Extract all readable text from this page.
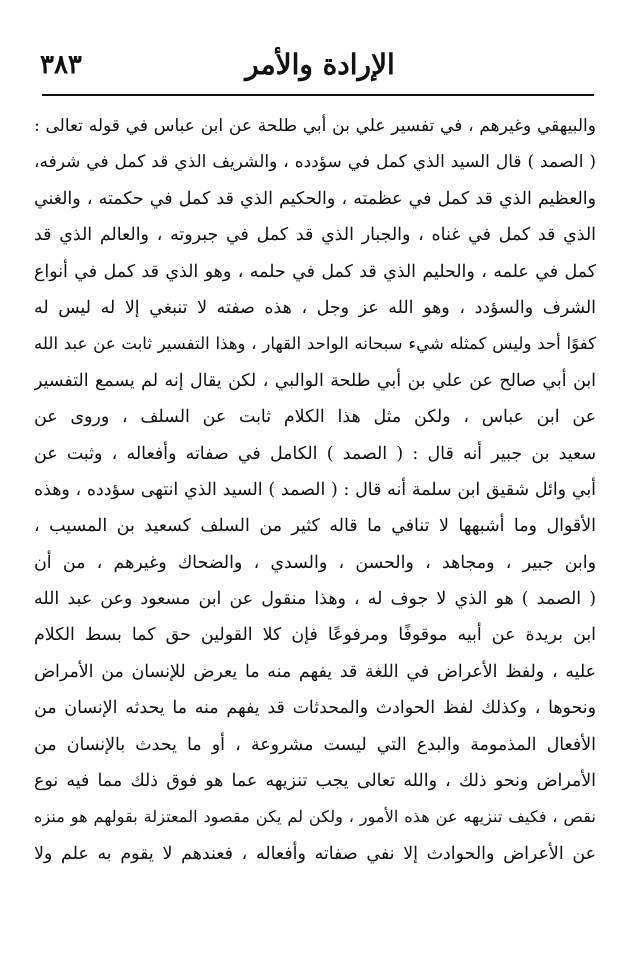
٣٨٣	الإرادة والأمر
والبيهقي وغيرهم ، في تفسير علي بن أبي طلحة عن ابن عباس في قوله تعالى :
( الصمد ) قال السيد الذي كمل في سؤدده ، والشريف الذي قد كمل في شرفه،
والعظيم الذي قد كمل في عظمته ، والحكيم الذي قد كمل في حكمته ، والغني
الذي قد كمل في غناه ، والجبار الذي قد كمل في جبروته ، والعالم الذي قد
كمل في علمه ، والحليم الذي قد كمل في حلمه ، وهو الذي قد كمل في أنواع
الشرف والسؤدد ، وهو الله عز وجل ، هذه صفته لا تنبغي إلا له ليس له
كفوًا أحد وليس كمثله شيء سبحانه الواحد القهار ، وهذا التفسير ثابت عن عبد الله
ابن أبي صالح عن علي بن أبي طلحة الوالبي ، لكن يقال إنه لم يسمع التفسير
عن ابن عباس ، ولكن مثل هذا الكلام ثابت عن السلف ، وروى عن
سعيد بن جبير أنه قال : ( الصمد ) الكامل في صفاته وأفعاله ، وثبت عن
أبي وائل شقيق ابن سلمة أنه قال : ( الصمد ) السيد الذي انتهى سؤدده ، وهذه
الأقوال وما أشبهها لا تنافي ما قاله كثير من السلف كسعيد بن المسيب ،
وابن جبير ، ومجاهد ، والحسن ، والسدي ، والضحاك وغيرهم ، من أن
( الصمد ) هو الذي لا جوف له ، وهذا منقول عن ابن مسعود وعن عبد الله
ابن بريدة عن أبيه موقوفًا ومرفوعًا فإن كلا القولين حق كما بسط الكلام
عليه ، ولفظ الأعراض في اللغة قد يفهم منه ما يعرض للإنسان من الأمراض
ونحوها ، وكذلك لفظ الحوادث والمحدثات قد يفهم منه ما يحدثه الإنسان من
الأفعال المذمومة والبدع التي ليست مشروعة ، أو ما يحدث بالإنسان من
الأمراض ونحو ذلك ، والله تعالى يجب تنزيهه عما هو فوق ذلك مما فيه نوع
نقص ، فكيف تنزيهه عن هذه الأمور ، ولكن لم يكن مقصود المعتزلة بقولهم هو منزه
عن الأعراض والحوادث إلا نفي صفاته وأفعاله ، فعندهم لا يقوم به علم ولا
